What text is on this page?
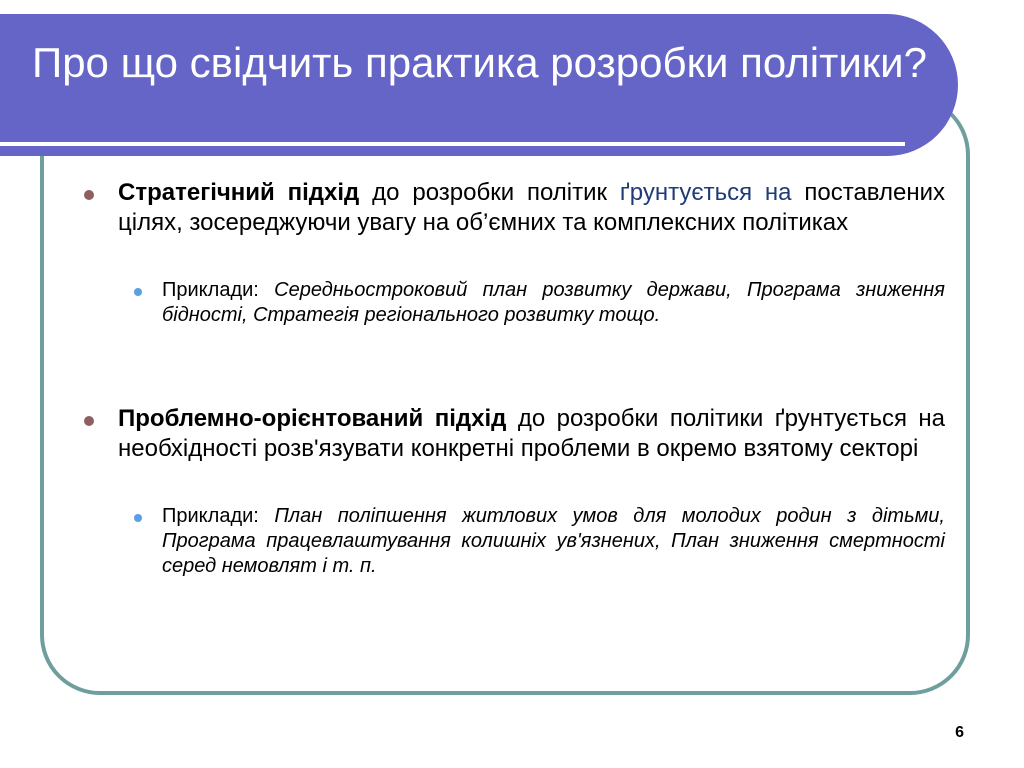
Про що свідчить практика розробки політики?
Стратегічний підхід до розробки політик ґрунтується на поставлених цілях, зосереджуючи увагу на об’ємних та комплексних політиках
Приклади: Середньостроковий план розвитку держави, Програма зниження бідності, Стратегія регіонального розвитку тощо.
Проблемно-орієнтований підхід до розробки політики ґрунтується на необхідності розв'язувати конкретні проблеми в окремо взятому секторі
Приклади: План поліпшення житлових умов для молодих родин з дітьми, Програма працевлаштування колишніх ув'язнених, План зниження смертності серед немовлят і т. п.
6
